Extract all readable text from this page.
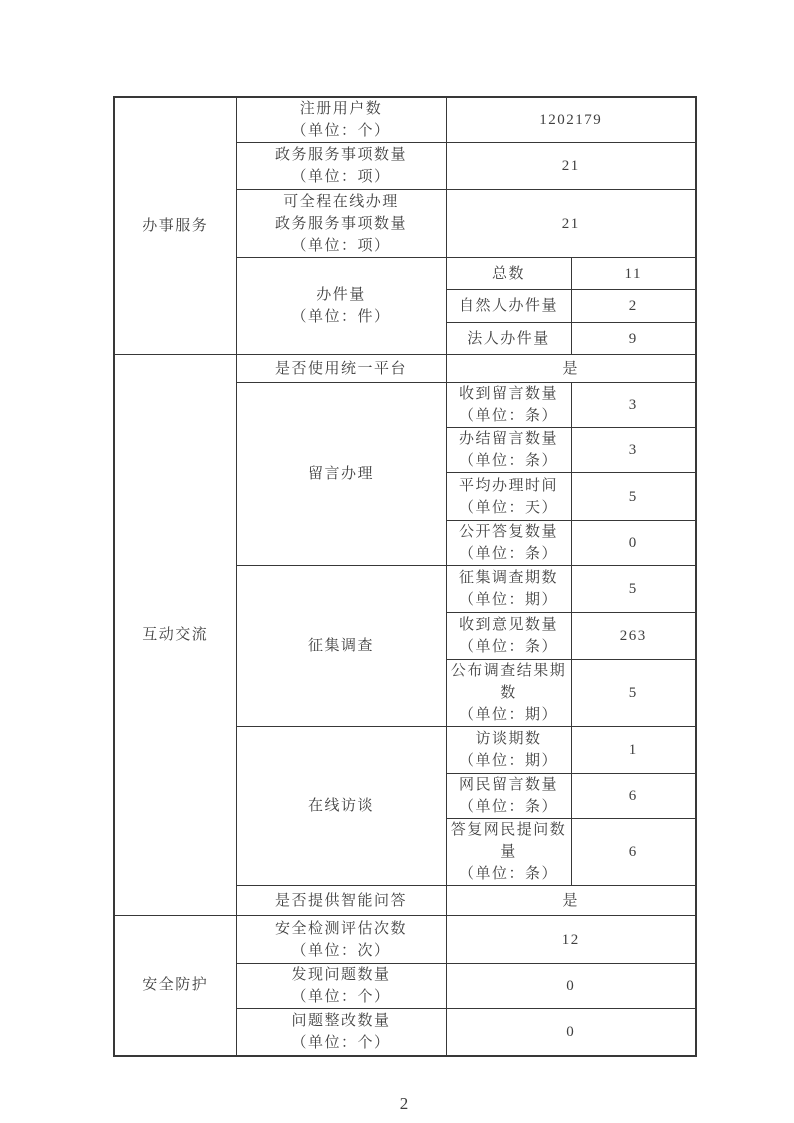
办事服务	注册用户数
（单位：个）	1202179	

	政务服务事项数量
（单位：项）	21	

	可全程在线办理
政务服务事项数量
（单位：项）	21	

	办件量
（单位：件）	总数	11
		自然人办件量	2
		法人办件量	9

互动交流	是否使用统一平台	是	
	留言办理	收到留言数量
（单位：条）	3

		办结留言数量
（单位：条）	3

		平均办理时间
（单位：天）	5

		公开答复数量
（单位：条）	0
	征集调查	征集调查期数
（单位：期）	5

		收到意见数量
（单位：条）	263

		公布调查结果期数
（单位：期）	5
	在线访谈	访谈期数
（单位：期）	1

		网民留言数量
（单位：条）	6

		答复网民提问数量
（单位：条）	6
	是否提供智能问答	是	

安全防护	安全检测评估次数
（单位：次）	12	

	发现问题数量
（单位：个）	0	

	问题整改数量
（单位：个）	0	
2
